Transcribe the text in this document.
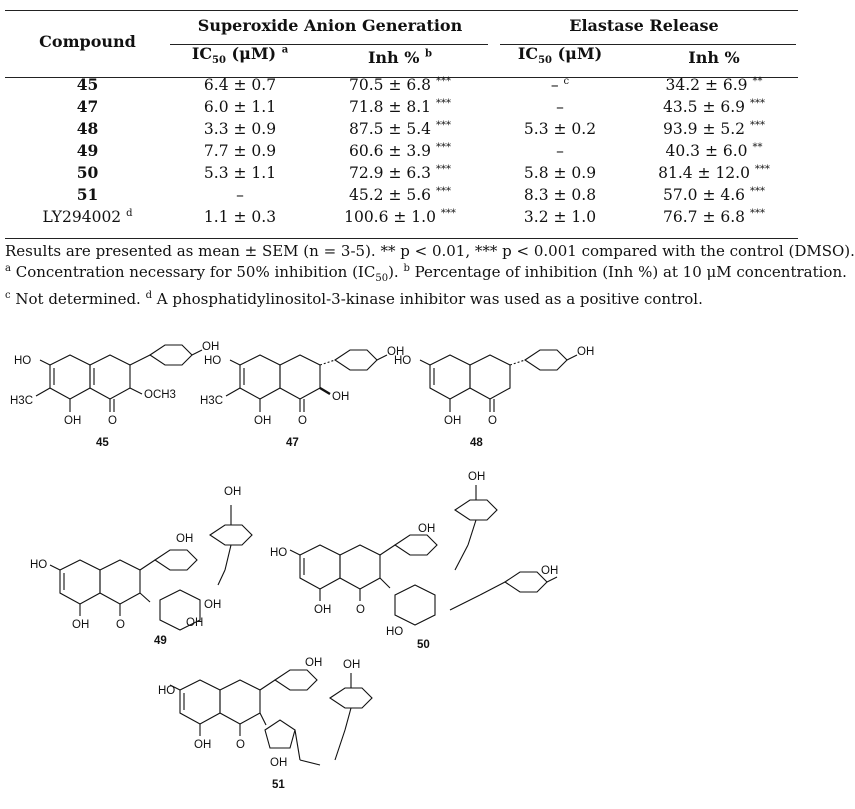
Compound	Superoxide Anion Generation		Elastase Release	
	$IC_{50}$ (μM) $^a$	Inh % $^b$	$IC_{50}$ (μM)	Inh %
45	6.4 ± 0.7	70.5 ± 6.8 ***	– $^c$	34.2 ± 6.9 **
47	6.0 ± 1.1	71.8 ± 8.1 ***	–	43.5 ± 6.9 ***
48	3.3 ± 0.9	87.5 ± 5.4 ***	5.3 ± 0.2	93.9 ± 5.2 ***
49	7.7 ± 0.9	60.6 ± 3.9 ***	–	40.3 ± 6.0 **
50	5.3 ± 1.1	72.9 ± 6.3 ***	5.8 ± 0.9	81.4 ± 12.0 ***
51	–	45.2 ± 5.6 ***	8.3 ± 0.8	57.0 ± 4.6 ***
LY294002 $^d$	1.1 ± 0.3	100.6 ± 1.0 ***	3.2 ± 1.0	76.7 ± 6.8 ***
Results are presented as mean ± SEM (n = 3-5). ** p < 0.01, *** p < 0.001 compared with the control (DMSO).
$^a$ Concentration necessary for 50% inhibition $(IC_{50})$. $^b$ Percentage of inhibition (Inh %) at 10 μM concentration.
$^c$ Not determined. $^d$ A phosphatidylinositol-3-kinase inhibitor was used as a positive control.
OH
HO
OCH3
H3C
OH O
OH
HO
H3C	OH
OH O
OH
HO
OH O
OH
OH
HO
OH O
OH
OH
OH
OH
HO
OH
OH O
HO
OH OH
HO
OH O
OH
45	47	48
49	50
51
